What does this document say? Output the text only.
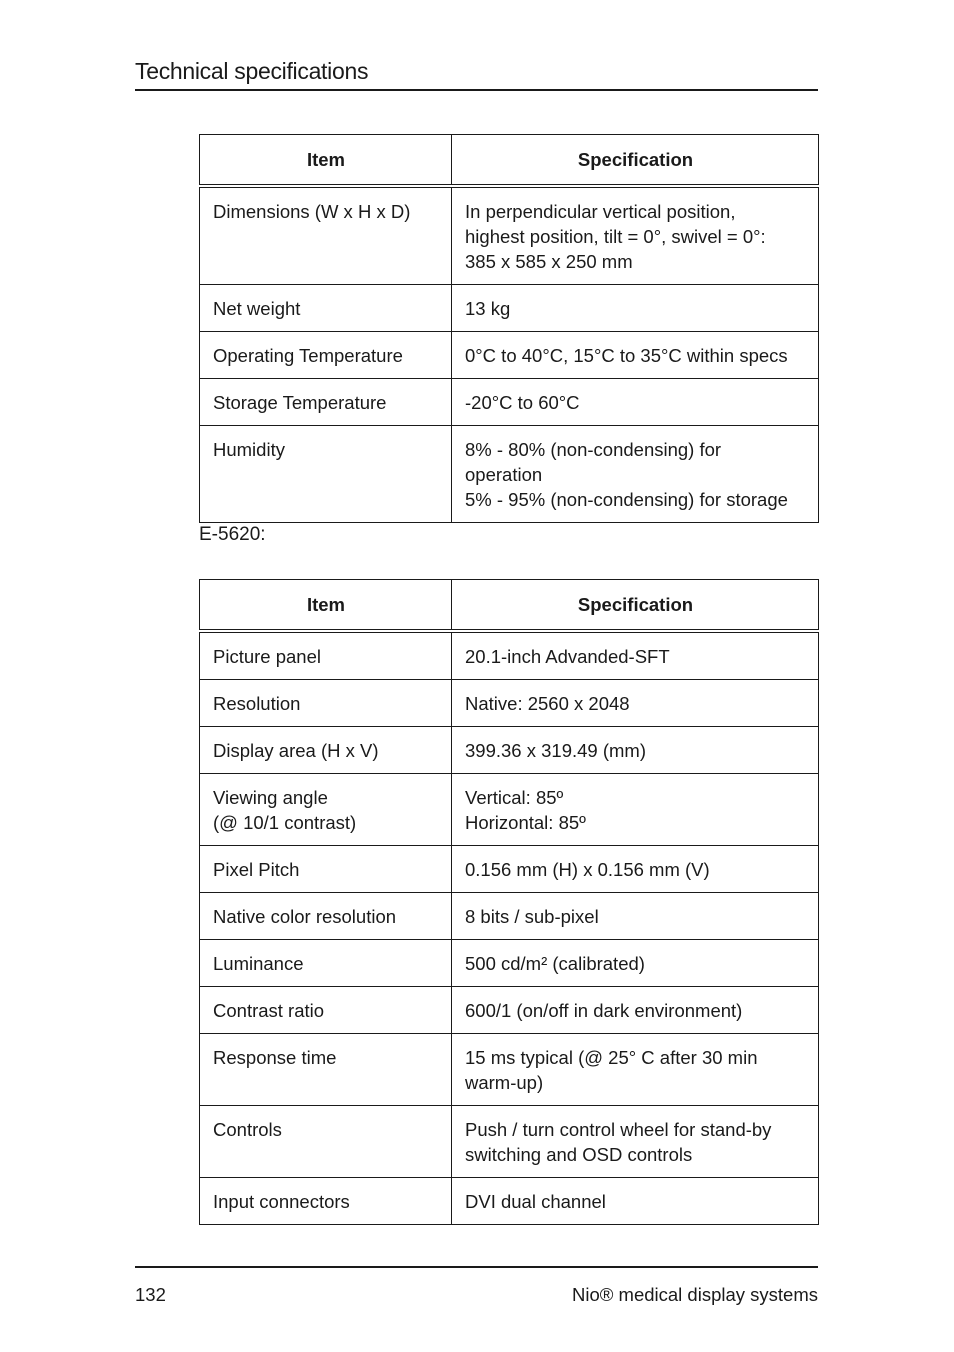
Technical specifications
Item	Specification
Dimensions (W x H x D)	In perpendicular vertical position,
highest position, tilt = 0°, swivel = 0°:
385 x 585 x 250 mm
Net weight	13 kg
Operating Temperature	0°C to 40°C, 15°C to 35°C within specs
Storage Temperature	-20°C to 60°C
Humidity	8% - 80% (non-condensing) for
operation
5% - 95% (non-condensing) for storage
E-5620:
Item	Specification
Picture panel	20.1-inch Advanded-SFT
Resolution	Native: 2560 x 2048
Display area (H x V)	399.36 x 319.49 (mm)
Viewing angle
(@ 10/1 contrast)	Vertical: 85º
Horizontal: 85º
Pixel Pitch	0.156 mm (H) x 0.156 mm (V)
Native color resolution	8 bits / sub-pixel
Luminance	500 cd/m² (calibrated)
Contrast ratio	600/1 (on/off in dark environment)
Response time	15 ms typical (@ 25° C after 30 min
warm-up)
Controls	Push / turn control wheel for stand-by
switching and OSD controls
Input connectors	DVI dual channel
132	Nio® medical display systems
